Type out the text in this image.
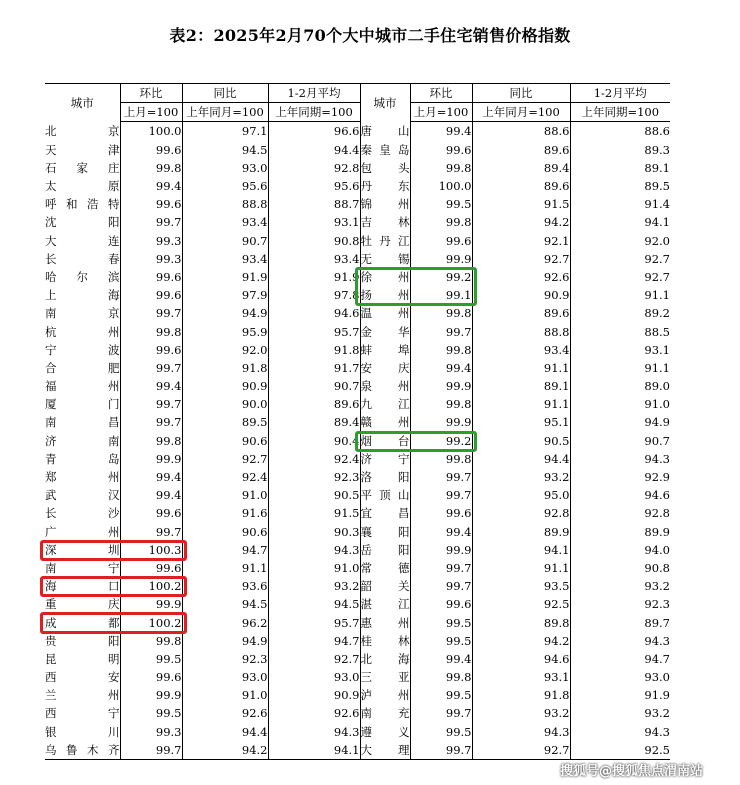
表2：2025年2月70个大中城市二手住宅销售价格指数
城市	环比	同比	1-2月平均	城市	环比	同比	1-2月平均
	上月=100	上年同月=100	上年同期=100		上月=100	上年同月=100	上年同期=100
北京	100.0	97.1	96.6	唐山	99.4	88.6	88.6
天津	99.6	94.5	94.4	秦皇岛	99.6	89.6	89.3
石家庄	99.8	93.0	92.8	包头	99.8	89.4	89.1
太原	99.4	95.6	95.6	丹东	100.0	89.6	89.5
呼和浩特	99.6	88.8	88.7	锦州	99.5	91.5	91.4
沈阳	99.7	93.4	93.1	吉林	99.8	94.2	94.1
大连	99.3	90.7	90.8	牡丹江	99.6	92.1	92.0
长春	99.3	93.4	93.4	无锡	99.9	92.7	92.7
哈尔滨	99.6	91.9	91.9	徐州	99.2	92.6	92.7
上海	99.6	97.9	97.8	扬州	99.1	90.9	91.1
南京	99.7	94.9	94.6	温州	99.8	89.6	89.2
杭州	99.8	95.9	95.7	金华	99.7	88.8	88.5
宁波	99.6	92.0	91.8	蚌埠	99.8	93.4	93.1
合肥	99.7	91.8	91.7	安庆	99.4	91.1	91.1
福州	99.4	90.9	90.7	泉州	99.9	89.1	89.0
厦门	99.7	90.0	89.6	九江	99.8	91.1	91.0
南昌	99.7	89.5	89.4	赣州	99.9	95.1	94.9
济南	99.8	90.6	90.4	烟台	99.2	90.5	90.7
青岛	99.9	92.7	92.4	济宁	99.8	94.4	94.3
郑州	99.4	92.4	92.3	洛阳	99.7	93.2	92.9
武汉	99.4	91.0	90.5	平顶山	99.7	95.0	94.6
长沙	99.6	91.6	91.5	宜昌	99.6	92.8	92.8
广州	99.7	90.6	90.3	襄阳	99.4	89.9	89.9
深圳	100.3	94.7	94.3	岳阳	99.9	94.1	94.0
南宁	99.6	91.1	91.0	常德	99.7	91.1	90.8
海口	100.2	93.6	93.2	韶关	99.7	93.5	93.2
重庆	99.9	94.5	94.5	湛江	99.6	92.5	92.3
成都	100.2	96.2	95.7	惠州	99.5	89.8	89.7
贵阳	99.8	94.9	94.7	桂林	99.5	94.2	94.3
昆明	99.5	92.3	92.7	北海	99.4	94.6	94.7
西安	99.6	93.0	93.0	三亚	99.8	93.1	93.0
兰州	99.9	91.0	90.9	泸州	99.5	91.8	91.9
西宁	99.5	92.6	92.6	南充	99.7	93.2	93.2
银川	99.3	94.4	94.3	遵义	99.5	94.3	94.3
乌鲁木齐	99.7	94.2	94.1	大理	99.7	92.7	92.5
搜狐号@搜狐焦点渭南站
